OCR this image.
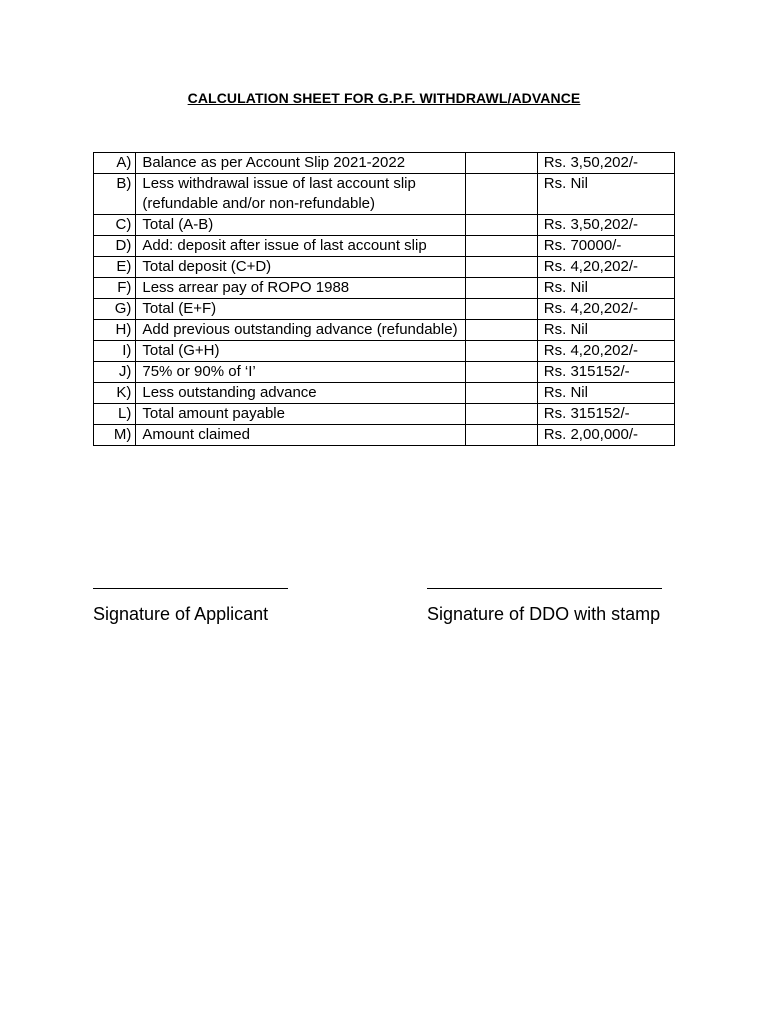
CALCULATION SHEET FOR G.P.F. WITHDRAWL/ADVANCE
A)	Balance as per Account Slip 2021-2022		Rs. 3,50,202/-
B)	Less withdrawal issue of last account slip (refundable and/or non-refundable)		Rs. Nil
C)	Total (A-B)		Rs. 3,50,202/-
D)	Add: deposit after issue of last account slip		Rs. 70000/-
E)	Total deposit (C+D)		Rs. 4,20,202/-
F)	Less arrear pay of ROPO 1988		Rs. Nil
G)	Total (E+F)		Rs. 4,20,202/-
H)	Add previous outstanding advance (refundable)		Rs. Nil
I)	Total (G+H)		Rs. 4,20,202/-
J)	75% or 90% of ‘I’		Rs. 315152/-
K)	Less outstanding advance		Rs. Nil
L)	Total amount payable		Rs. 315152/-
M)	Amount claimed		Rs. 2,00,000/-
Signature of Applicant	Signature of DDO with stamp
